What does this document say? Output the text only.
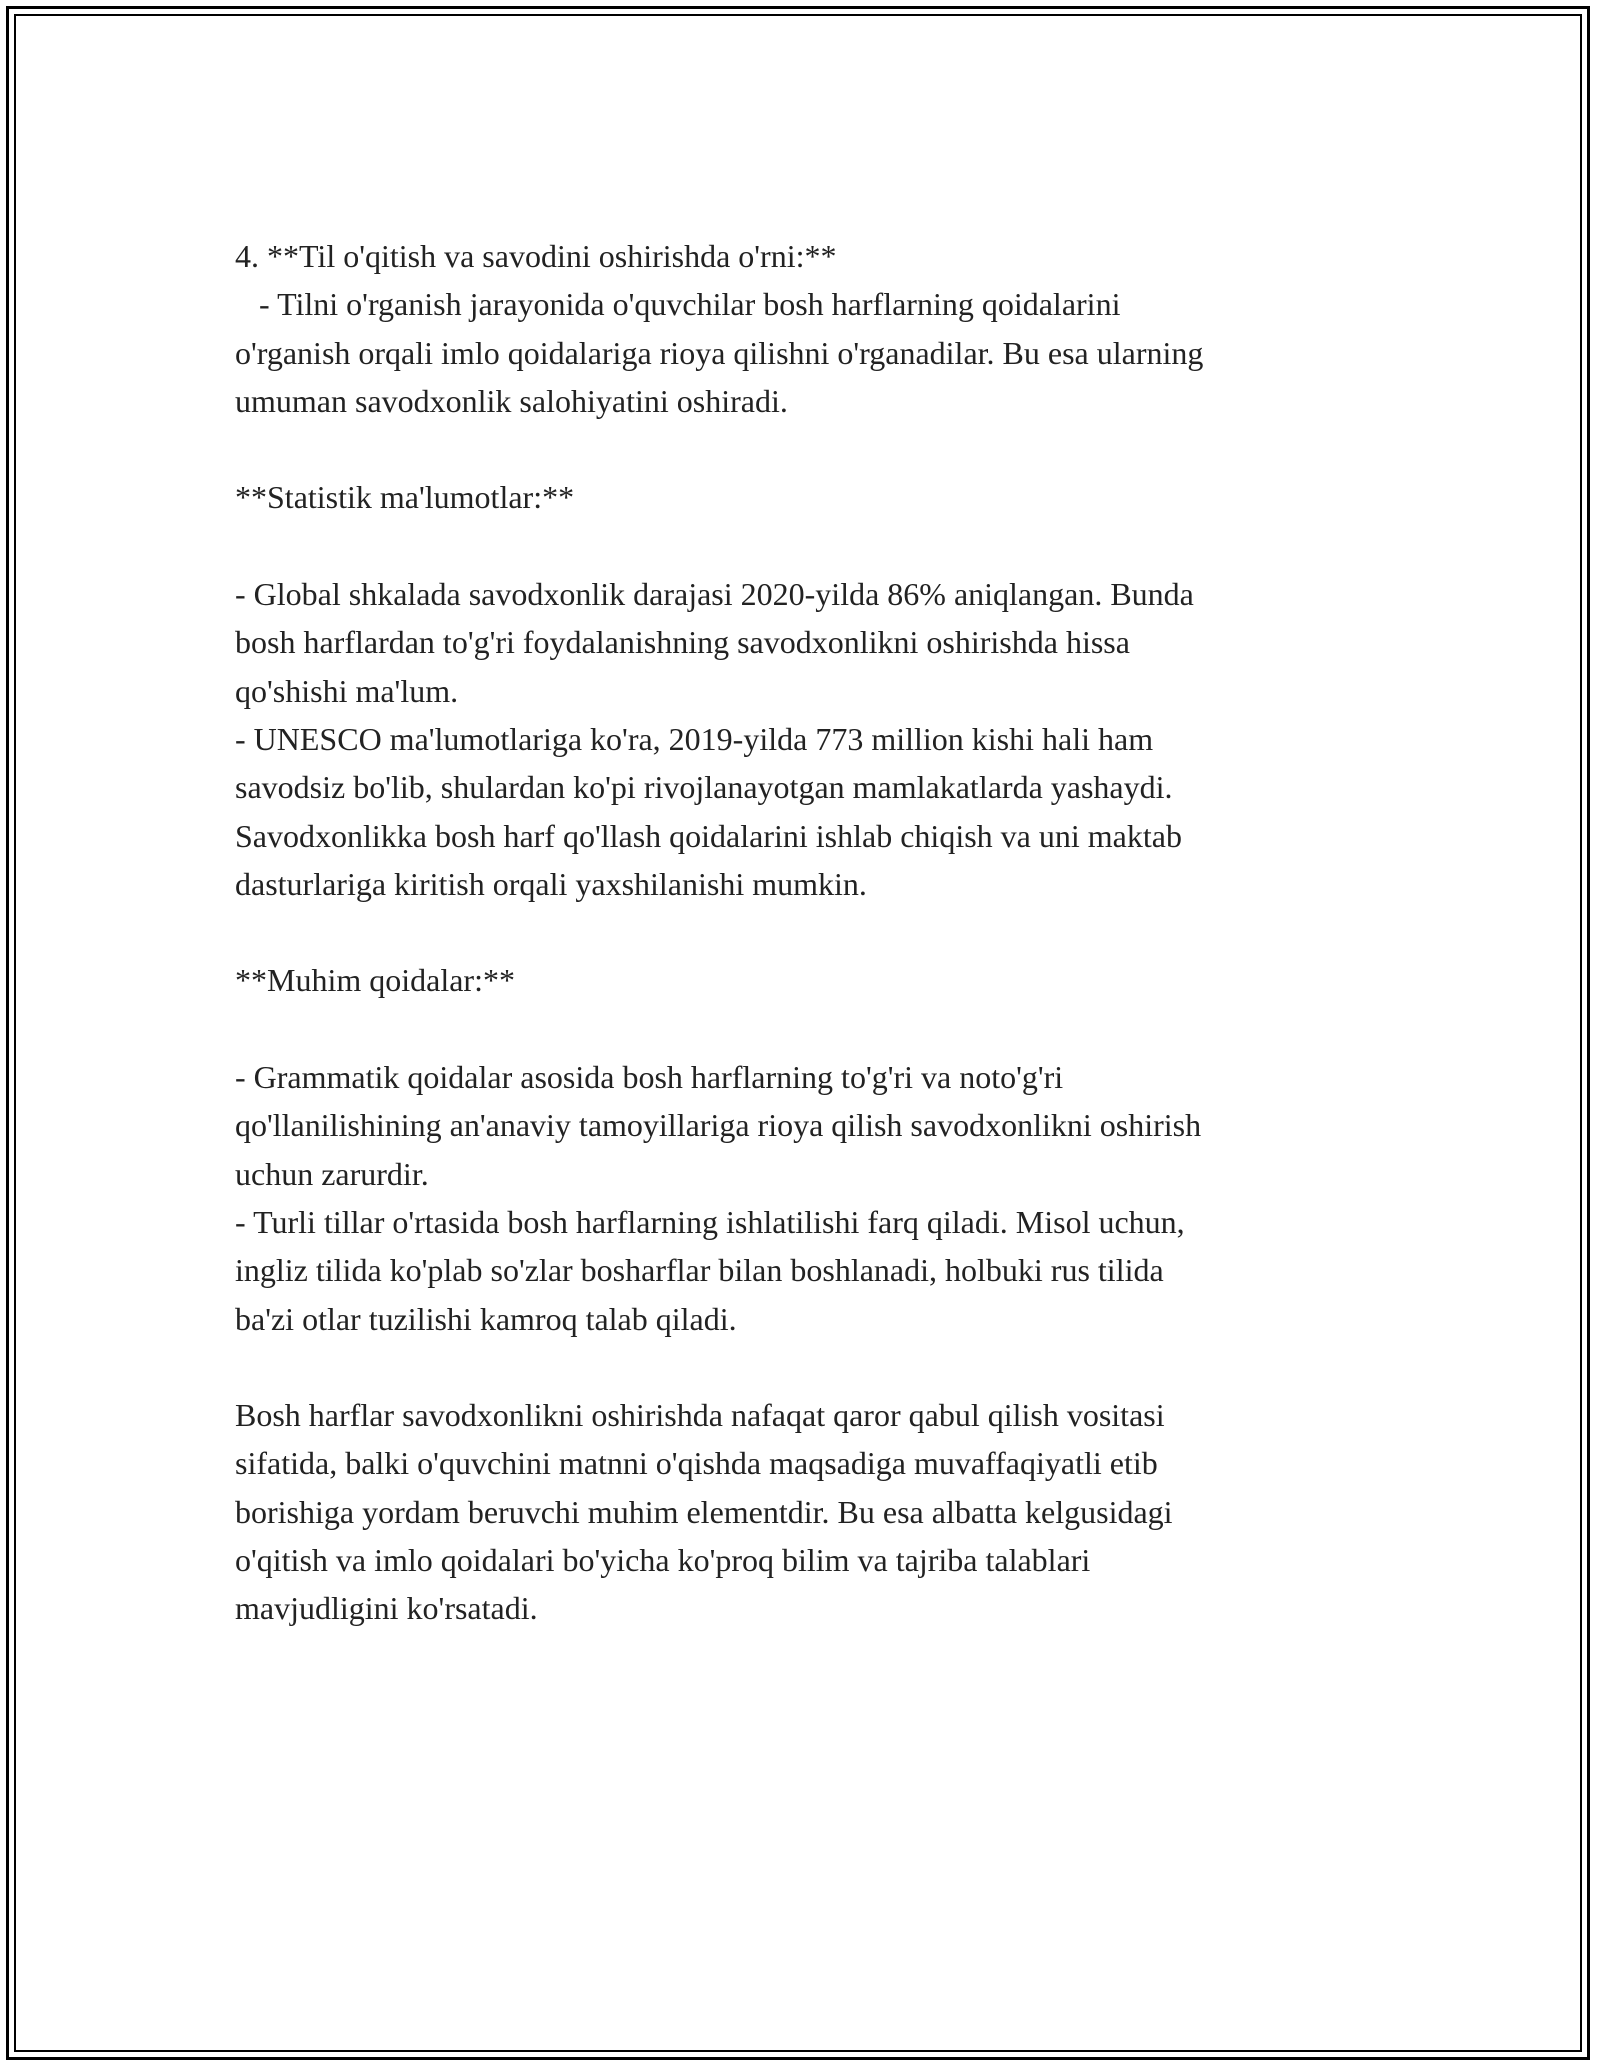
4. **Til o'qitish va savodini oshirishda o'rni:**
- Tilni o'rganish jarayonida o'quvchilar bosh harflarning qoidalarini
o'rganish orqali imlo qoidalariga rioya qilishni o'rganadilar. Bu esa ularning
umuman savodxonlik salohiyatini oshiradi.
**Statistik ma'lumotlar:**
- Global shkalada savodxonlik darajasi 2020-yilda 86% aniqlangan. Bunda
bosh harflardan to'g'ri foydalanishning savodxonlikni oshirishda hissa
qo'shishi ma'lum.
- UNESCO ma'lumotlariga ko'ra, 2019-yilda 773 million kishi hali ham
savodsiz bo'lib, shulardan ko'pi rivojlanayotgan mamlakatlarda yashaydi.
Savodxonlikka bosh harf qo'llash qoidalarini ishlab chiqish va uni maktab
dasturlariga kiritish orqali yaxshilanishi mumkin.
**Muhim qoidalar:**
- Grammatik qoidalar asosida bosh harflarning to'g'ri va noto'g'ri
qo'llanilishining an'anaviy tamoyillariga rioya qilish savodxonlikni oshirish
uchun zarurdir.
- Turli tillar o'rtasida bosh harflarning ishlatilishi farq qiladi. Misol uchun,
ingliz tilida ko'plab so'zlar bosharflar bilan boshlanadi, holbuki rus tilida
ba'zi otlar tuzilishi kamroq talab qiladi.
Bosh harflar savodxonlikni oshirishda nafaqat qaror qabul qilish vositasi
sifatida, balki o'quvchini matnni o'qishda maqsadiga muvaffaqiyatli etib
borishiga yordam beruvchi muhim elementdir. Bu esa albatta kelgusidagi
o'qitish va imlo qoidalari bo'yicha ko'proq bilim va tajriba talablari
mavjudligini ko'rsatadi.
